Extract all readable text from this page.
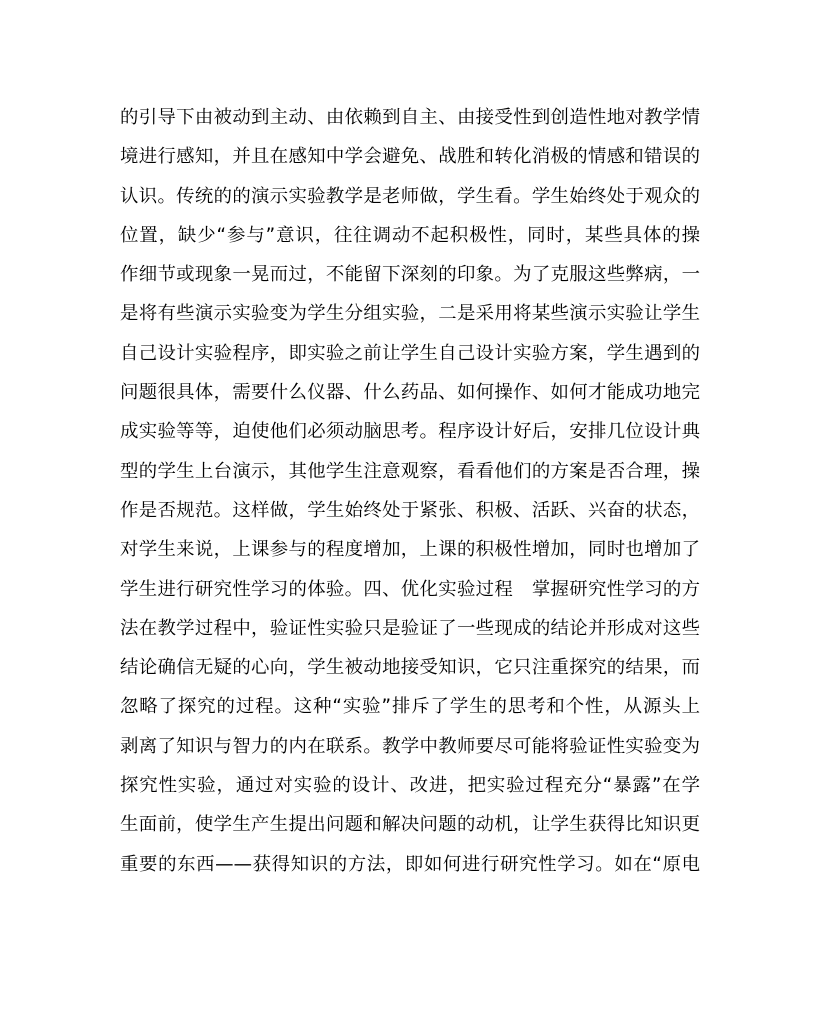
的引导下由被动到主动、由依赖到自主、由接受性到创造性地对教学情
境进行感知，并且在感知中学会避免、战胜和转化消极的情感和错误的
认识。传统的的演示实验教学是老师做，学生看。学生始终处于观众的
位置，缺少“参与”意识，往往调动不起积极性，同时，某些具体的操
作细节或现象一晃而过，不能留下深刻的印象。为了克服这些弊病，一
是将有些演示实验变为学生分组实验，二是采用将某些演示实验让学生
自己设计实验程序，即实验之前让学生自己设计实验方案，学生遇到的
问题很具体，需要什么仪器、什么药品、如何操作、如何才能成功地完
成实验等等，迫使他们必须动脑思考。程序设计好后，安排几位设计典
型的学生上台演示，其他学生注意观察，看看他们的方案是否合理，操
作是否规范。这样做，学生始终处于紧张、积极、活跃、兴奋的状态，
对学生来说，上课参与的程度增加，上课的积极性增加，同时也增加了
学生进行研究性学习的体验。四、优化实验过程　掌握研究性学习的方
法在教学过程中，验证性实验只是验证了一些现成的结论并形成对这些
结论确信无疑的心向，学生被动地接受知识，它只注重探究的结果，而
忽略了探究的过程。这种“实验”排斥了学生的思考和个性，从源头上
剥离了知识与智力的内在联系。教学中教师要尽可能将验证性实验变为
探究性实验，通过对实验的设计、改进，把实验过程充分“暴露”在学
生面前，使学生产生提出问题和解决问题的动机，让学生获得比知识更
重要的东西——获得知识的方法，即如何进行研究性学习。如在“原电
